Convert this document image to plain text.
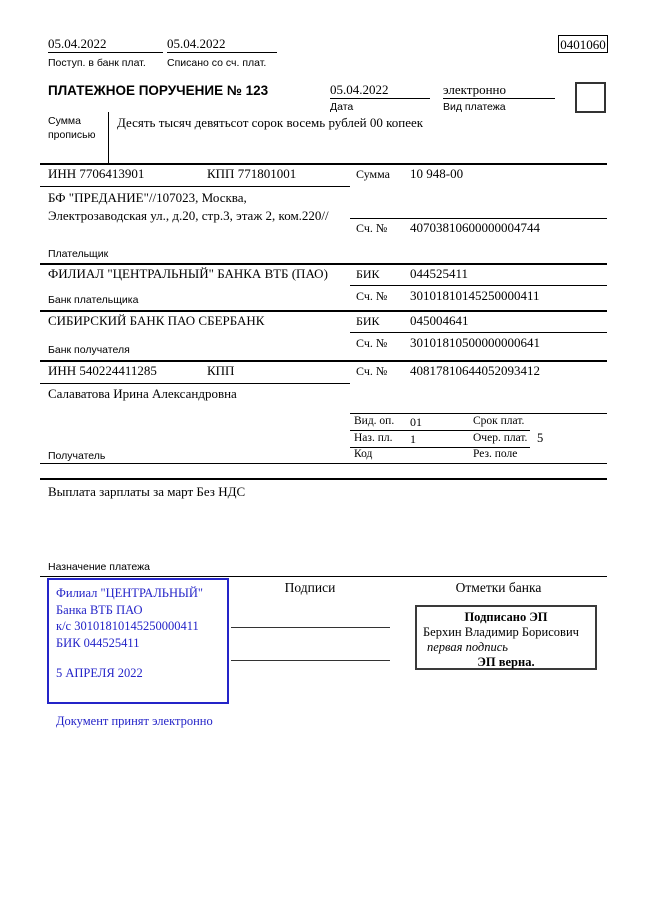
05.04.2022
Поступ. в банк плат.
05.04.2022
Списано со сч. плат.
0401060
ПЛАТЕЖНОЕ ПОРУЧЕНИЕ № 123	05.04.2022
Дата
электронно
Вид платежа
Сумма прописью
Десять тысяч девятьсот сорок восемь рублей 00 копеек
ИНН 7706413901	КПП 771801001
БФ "ПРЕДАНИЕ"//107023, Москва, Электрозаводская ул., д.20, стр.3, этаж 2, ком.220//
Плательщик
Сумма 10 948-00
Сч. № 40703810600000004744
ФИЛИАЛ "ЦЕНТРАЛЬНЫЙ" БАНКА ВТБ (ПАО)
Банк плательщика
БИК 044525411
Сч. № 30101810145250000411
СИБИРСКИЙ БАНК ПАО СБЕРБАНК
Банк получателя
БИК 045004641
Сч. № 30101810500000000641
ИНН 540224411285	КПП
Салаватова Ирина Александровна
Получатель
Сч. № 40817810644052093412
Вид. оп. 01	Срок плат.
Наз. пл. 1	Очер. плат. 5
Код	Рез. поле
Выплата зарплаты за март Без НДС
Назначение платежа
Филиал "ЦЕНТРАЛЬНЫЙ" Банка ВТБ ПАО
к/с 30101810145250000411
БИК 044525411
5 АПРЕЛЯ 2022
Документ принят электронно
Подписи	Отметки банка
Подписано ЭП
Берхин Владимир Борисович
первая подпись
ЭП верна.
